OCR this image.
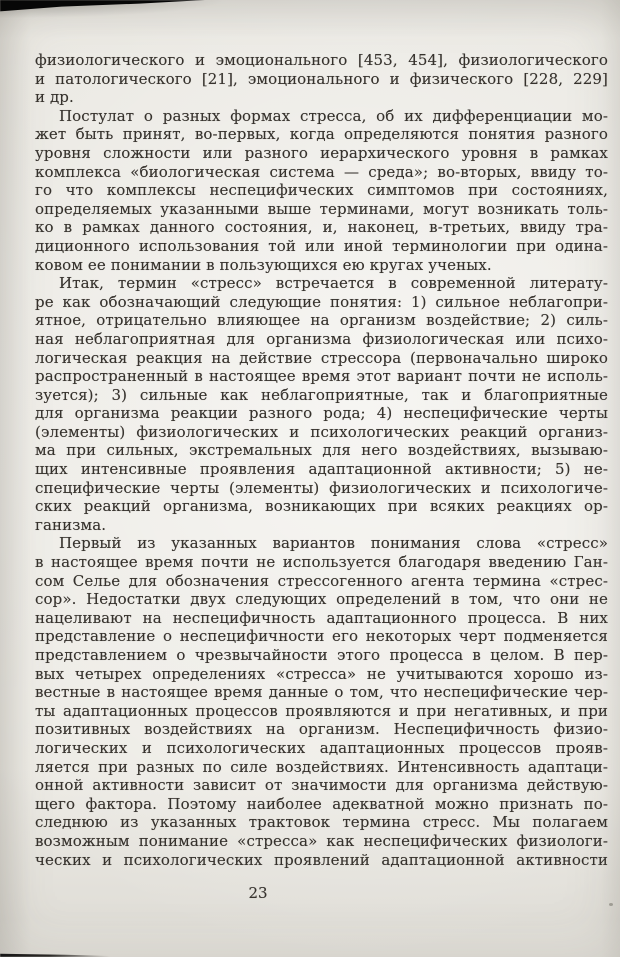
физиологического и эмоционального [453, 454], физиологического
и патологического [21], эмоционального и физического [228, 229]
и др.
Постулат о разных формах стресса, об их дифференциации мо-
жет быть принят, во-первых, когда определяются понятия разного
уровня сложности или разного иерархического уровня в рамках
комплекса «биологическая система — среда»; во-вторых, ввиду то-
го что комплексы неспецифических симптомов при состояниях,
определяемых указанными выше терминами, могут возникать толь-
ко в рамках данного состояния, и, наконец, в-третьих, ввиду тра-
диционного использования той или иной терминологии при одина-
ковом ее понимании в пользующихся ею кругах ученых.
Итак, термин «стресс» встречается в современной литерату-
ре как обозначающий следующие понятия: 1) сильное неблагопри-
ятное, отрицательно влияющее на организм воздействие; 2) силь-
ная неблагоприятная для организма физиологическая или психо-
логическая реакция на действие стрессора (первоначально широко
распространенный в настоящее время этот вариант почти не исполь-
зуется); 3) сильные как неблагоприятные, так и благоприятные
для организма реакции разного рода; 4) неспецифические черты
(элементы) физиологических и психологических реакций организ-
ма при сильных, экстремальных для него воздействиях, вызываю-
щих интенсивные проявления адаптационной активности; 5) не-
специфические черты (элементы) физиологических и психологиче-
ских реакций организма, возникающих при всяких реакциях ор-
ганизма.
Первый из указанных вариантов понимания слова «стресс»
в настоящее время почти не используется благодаря введению Ган-
сом Селье для обозначения стрессогенного агента термина «стрес-
сор». Недостатки двух следующих определений в том, что они не
нацеливают на неспецифичность адаптационного процесса. В них
представление о неспецифичности его некоторых черт подменяется
представлением о чрезвычайности этого процесса в целом. В пер-
вых четырех определениях «стресса» не учитываются хорошо из-
вестные в настоящее время данные о том, что неспецифические чер-
ты адаптационных процессов проявляются и при негативных, и при
позитивных воздействиях на организм. Неспецифичность физио-
логических и психологических адаптационных процессов прояв-
ляется при разных по силе воздействиях. Интенсивность адаптаци-
онной активности зависит от значимости для организма действую-
щего фактора. Поэтому наиболее адекватной можно признать по-
следнюю из указанных трактовок термина стресс. Мы полагаем
возможным понимание «стресса» как неспецифических физиологи-
ческих и психологических проявлений адаптационной активности
23
